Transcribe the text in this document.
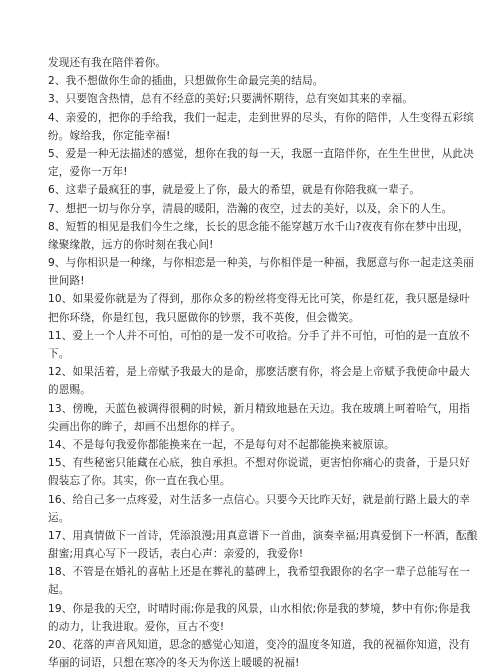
发现还有我在陪伴着你。
2、我不想做你生命的插曲，只想做你生命最完美的结局。
3、只要饱含热情，总有不经意的美好;只要满怀期待，总有突如其来的幸福。
4、亲爱的，把你的手给我，我们一起走，走到世界的尽头，有你的陪伴，人生变得五彩缤
纷。嫁给我，你定能幸福!
5、爱是一种无法描述的感觉，想你在我的每一天，我愿一直陪伴你，在生生世世，从此决
定，爱你一万年!
6、这辈子最疯狂的事，就是爱上了你，最大的希望，就是有你陪我疯一辈子。
7、想把一切与你分享，清晨的暖阳，浩瀚的夜空，过去的美好，以及，余下的人生。
8、短暂的相见是我们今生之缘，长长的思念能不能穿越万水千山?夜夜有你在梦中出现，
缘聚缘散，远方的你时刻在我心间!
9、与你相识是一种缘，与你相恋是一种美，与你相伴是一种福，我愿意与你一起走这美丽
世间路!
10、如果爱你就是为了得到，那你众多的粉丝将变得无比可笑，你是红花，我只愿是绿叶
把你环绕，你是红包，我只愿做你的钞票，我不英俊，但会微笑。
11、爱上一个人并不可怕，可怕的是一发不可收拾。分手了并不可怕，可怕的是一直放不
下。
12、如果活着，是上帝赋予我最大的是命，那麽活麽有你，将会是上帝赋予我使命中最大
的恩赐。
13、傍晚，天蓝色被调得很稠的时候，新月精致地悬在天边。我在玻璃上呵着哈气，用指
尖画出你的眸子，却画不出想你的样子。
14、不是每句我爱你都能换来在一起，不是每句对不起都能换来被原谅。
15、有些秘密只能藏在心底，独自承担。不想对你说谎，更害怕你痛心的贵备，于是只好
假装忘了你。其实，你一直在我心里。
16、给自己多一点疼爱，对生活多一点信心。只要今天比昨天好，就是前行路上最大的幸
运。
17、用真情做下一首诗，凭添浪漫;用真意谱下一首曲，演奏幸福;用真爱倒下一杯酒，酝酿
甜蜜;用真心写下一段话，表白心声：亲爱的，我爱你!
18、不管是在婚礼的喜帖上还是在葬礼的墓碑上，我希望我跟你的名字一辈子总能写在一
起。
19、你是我的天空，时晴时雨;你是我的风景，山水相依;你是我的梦境，梦中有你;你是我
的动力，让我进取。爱你，亘古不变!
20、花落的声音风知道，思念的感觉心知道，变冷的温度冬知道，我的祝福你知道，没有
华丽的词语，只想在寒冷的冬天为你送上暖暖的祝福!
